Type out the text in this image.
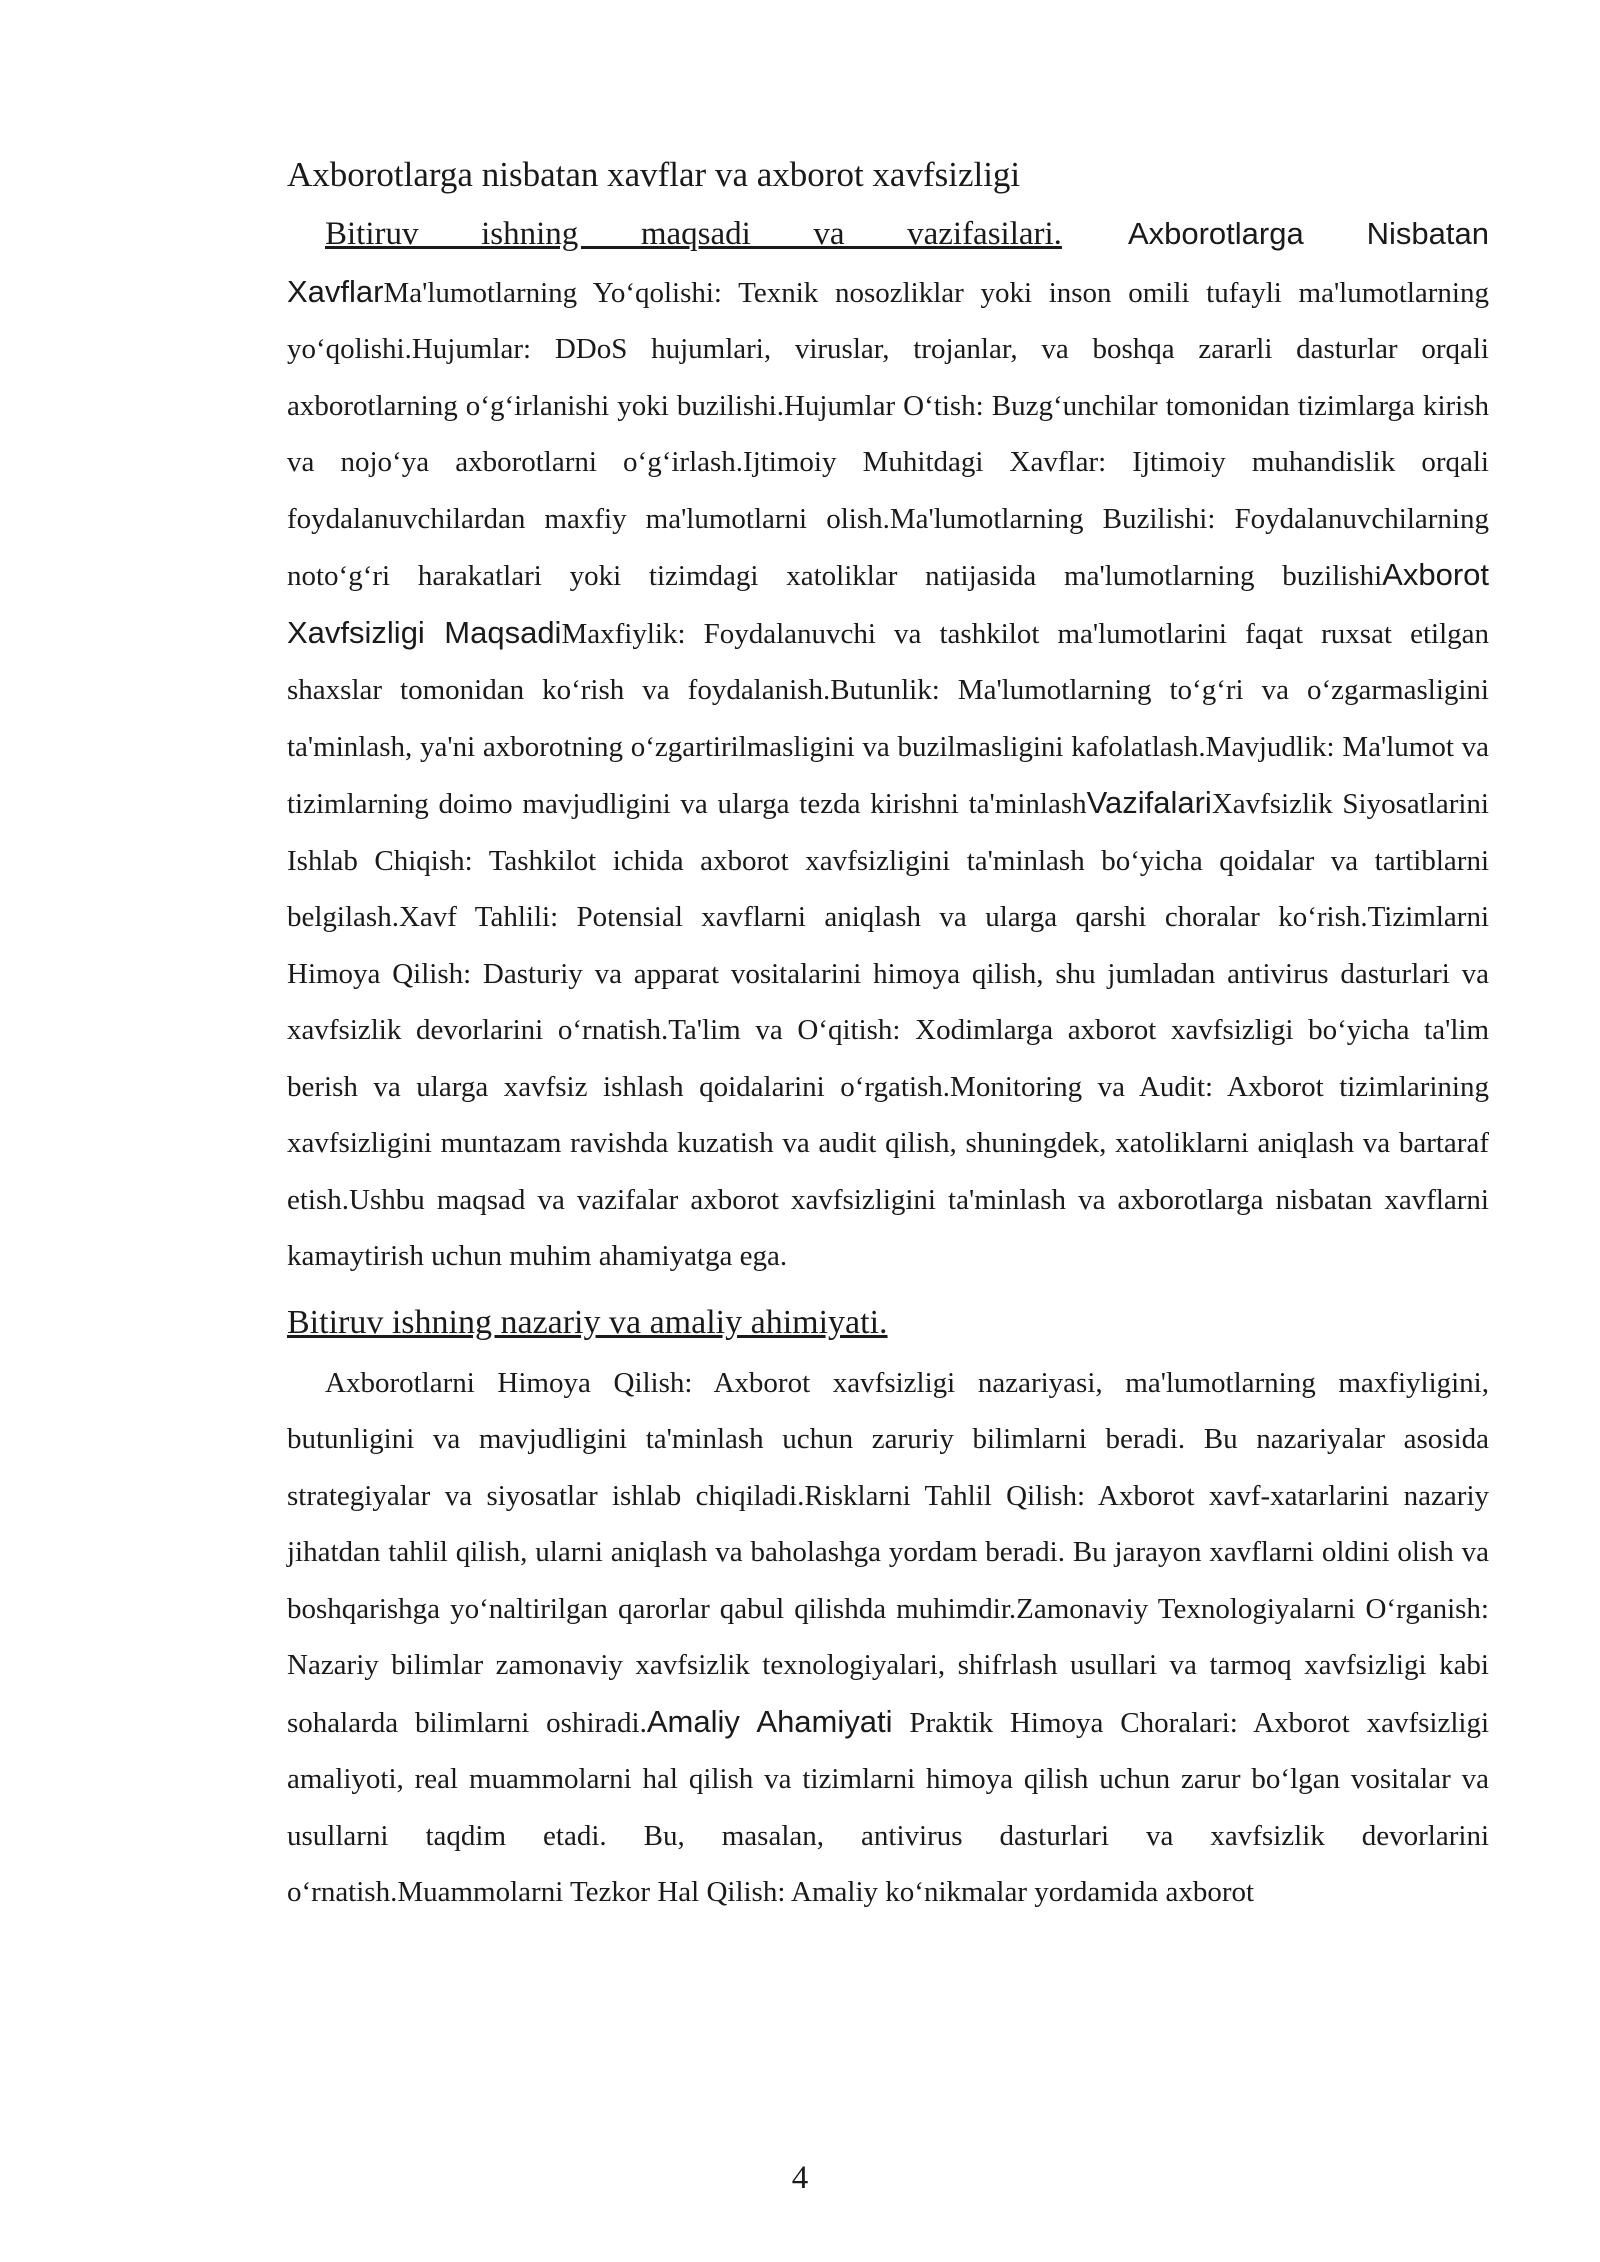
Axborotlarga nisbatan xavflar va axborot xavfsizligi

Bitiruv ishning maqsadi va vazifasilari. Axborotlarga Nisbatan XavflarMa'lumotlarning Yo‘qolishi: Texnik nosozliklar yoki inson omili tufayli ma'lumotlarning yo‘qolishi.Hujumlar: DDoS hujumlari, viruslar, trojanlar, va boshqa zararli dasturlar orqali axborotlarning o‘g‘irlanishi yoki buzilishi.Hujumlar O‘tish: Buzg‘unchilar tomonidan tizimlarga kirish va nojo‘ya axborotlarni o‘g‘irlash.Ijtimoiy Muhitdagi Xavflar: Ijtimoiy muhandislik orqali foydalanuvchilardan maxfiy ma'lumotlarni olish.Ma'lumotlarning Buzilishi: Foydalanuvchilarning noto‘g‘ri harakatlari yoki tizimdagi xatoliklar natijasida ma'lumotlarning buzilishiAxborot Xavfsizligi MaqsadiMaxfiylik: Foydalanuvchi va tashkilot ma'lumotlarini faqat ruxsat etilgan shaxslar tomonidan ko‘rish va foydalanish.Butunlik: Ma'lumotlarning to‘g‘ri va o‘zgarmasligini ta'minlash, ya'ni axborotning o‘zgartirilmasligini va buzilmasligini kafolatlash.Mavjudlik: Ma'lumot va tizimlarning doimo mavjudligini va ularga tezda kirishni ta'minlashVazifalariXavfsizlik Siyosatlarini Ishlab Chiqish: Tashkilot ichida axborot xavfsizligini ta'minlash bo‘yicha qoidalar va tartiblarni belgilash.Xavf Tahlili: Potensial xavflarni aniqlash va ularga qarshi choralar ko‘rish.Tizimlarni Himoya Qilish: Dasturiy va apparat vositalarini himoya qilish, shu jumladan antivirus dasturlari va xavfsizlik devorlarini o‘rnatish.Ta'lim va O‘qitish: Xodimlarga axborot xavfsizligi bo‘yicha ta'lim berish va ularga xavfsiz ishlash qoidalarini o‘rgatish.Monitoring va Audit: Axborot tizimlarining xavfsizligini muntazam ravishda kuzatish va audit qilish, shuningdek, xatoliklarni aniqlash va bartaraf etish.Ushbu maqsad va vazifalar axborot xavfsizligini ta'minlash va axborotlarga nisbatan xavflarni kamaytirish uchun muhim ahamiyatga ega.

Bitiruv ishning nazariy va amaliy ahimiyati.

Axborotlarni Himoya Qilish: Axborot xavfsizligi nazariyasi, ma'lumotlarning maxfiyligini, butunligini va mavjudligini ta'minlash uchun zaruriy bilimlarni beradi. Bu nazariyalar asosida strategiyalar va siyosatlar ishlab chiqiladi.Risklarni Tahlil Qilish: Axborot xavf-xatarlarini nazariy jihatdan tahlil qilish, ularni aniqlash va baholashga yordam beradi. Bu jarayon xavflarni oldini olish va boshqarishga yo‘naltirilgan qarorlar qabul qilishda muhimdir.Zamonaviy Texnologiyalarni O‘rganish: Nazariy bilimlar zamonaviy xavfsizlik texnologiyalari, shifrlash usullari va tarmoq xavfsizligi kabi sohalarda bilimlarni oshiradi.Amaliy Ahamiyati Praktik Himoya Choralari: Axborot xavfsizligi amaliyoti, real muammolarni hal qilish va tizimlarni himoya qilish uchun zarur bo‘lgan vositalar va usullarni taqdim etadi. Bu, masalan, antivirus dasturlari va xavfsizlik devorlarini o‘rnatish.Muammolarni Tezkor Hal Qilish: Amaliy ko‘nikmalar yordamida axborot

4
